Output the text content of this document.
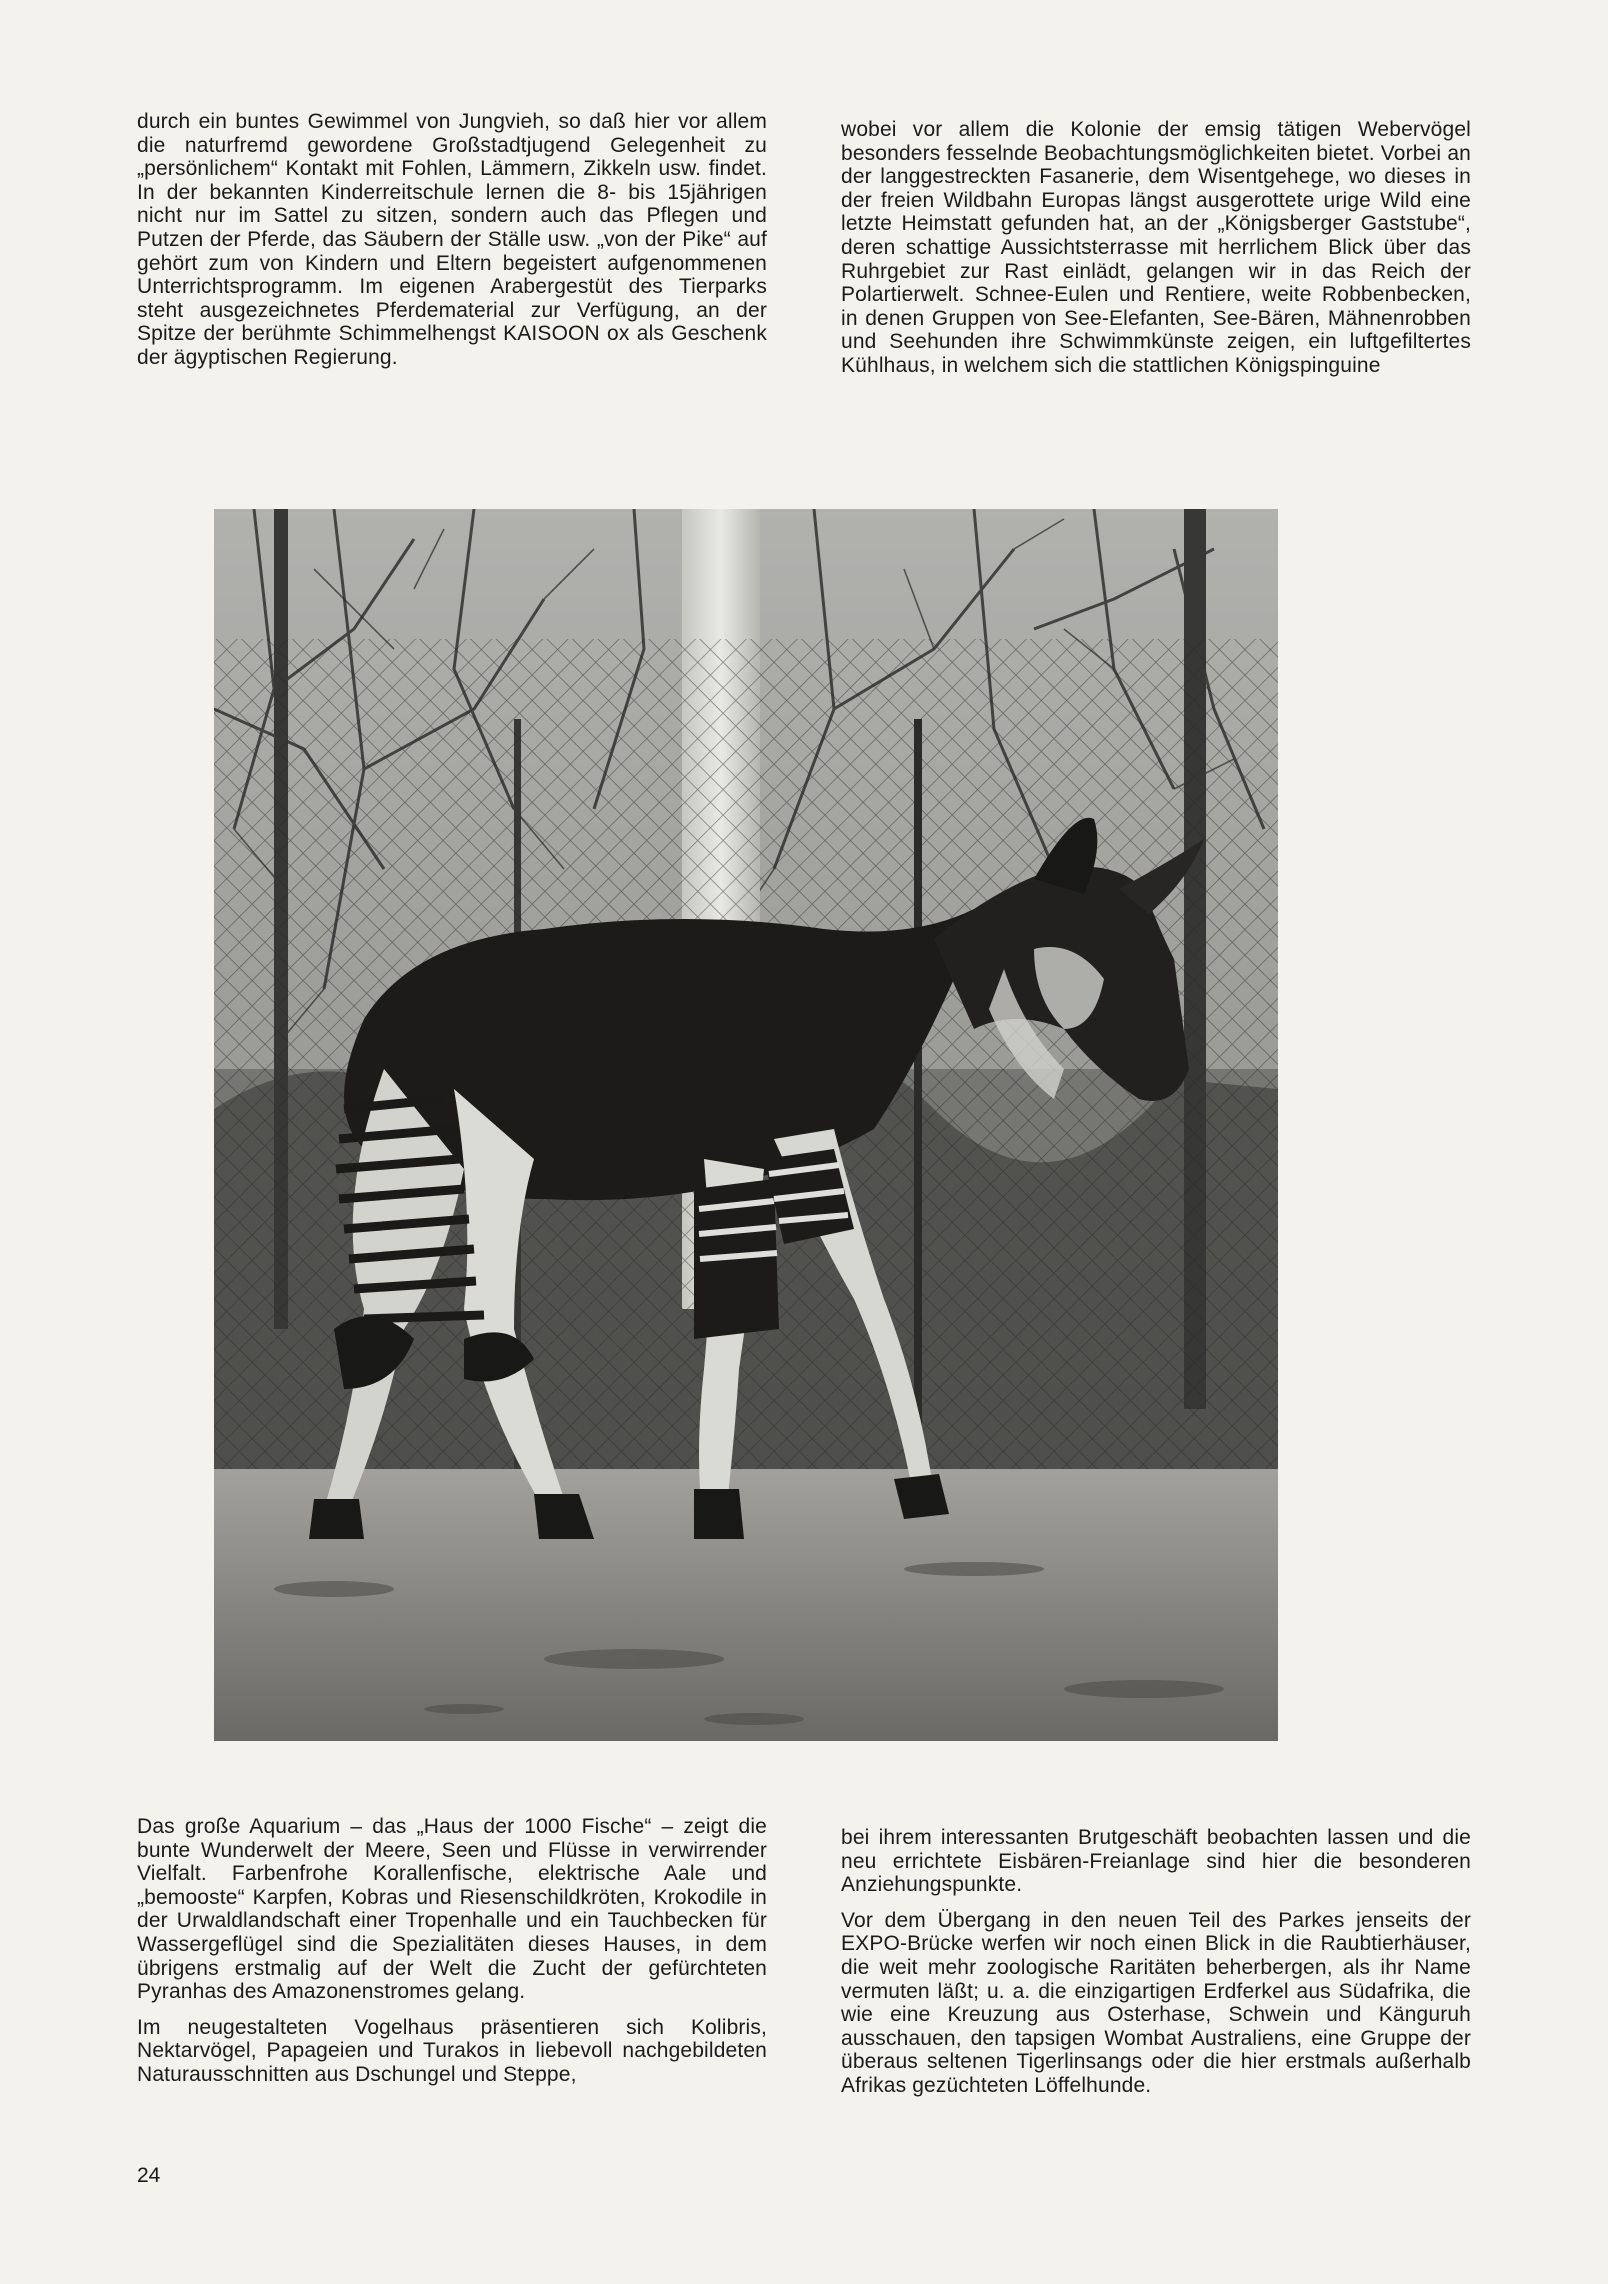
durch ein buntes Gewimmel von Jungvieh, so daß hier vor allem die naturfremd gewordene Großstadtjugend Gelegenheit zu „persönlichem“ Kontakt mit Fohlen, Lämmern, Zikkeln usw. findet. In der bekannten Kinderreitschule lernen die 8- bis 15jährigen nicht nur im Sattel zu sitzen, sondern auch das Pflegen und Putzen der Pferde, das Säubern der Ställe usw. „von der Pike“ auf gehört zum von Kindern und Eltern begeistert aufgenommenen Unterrichtsprogramm. Im eigenen Arabergestüt des Tierparks steht ausgezeichnetes Pferdematerial zur Verfügung, an der Spitze der berühmte Schimmelhengst KAISOON ox als Geschenk der ägyptischen Regierung.

wobei vor allem die Kolonie der emsig tätigen Webervögel besonders fesselnde Beobachtungsmöglichkeiten bietet. Vorbei an der langgestreckten Fasanerie, dem Wisentgehege, wo dieses in der freien Wildbahn Europas längst ausgerottete urige Wild eine letzte Heimstatt gefunden hat, an der „Königsberger Gaststube“, deren schattige Aussichtsterrasse mit herrlichem Blick über das Ruhrgebiet zur Rast einlädt, gelangen wir in das Reich der Polartierwelt. Schnee-Eulen und Rentiere, weite Robbenbecken, in denen Gruppen von See-Elefanten, See-Bären, Mähnenrobben und Seehunden ihre Schwimmkünste zeigen, ein luftgefiltertes Kühlhaus, in welchem sich die stattlichen Königspinguine

Das große Aquarium – das „Haus der 1000 Fische“ – zeigt die bunte Wunderwelt der Meere, Seen und Flüsse in verwirrender Vielfalt. Farbenfrohe Korallenfische, elektrische Aale und „bemooste“ Karpfen, Kobras und Riesenschildkröten, Krokodile in der Urwaldlandschaft einer Tropenhalle und ein Tauchbecken für Wassergeflügel sind die Spezialitäten dieses Hauses, in dem übrigens erstmalig auf der Welt die Zucht der gefürchteten Pyranhas des Amazonenstromes gelang.

Im neugestalteten Vogelhaus präsentieren sich Kolibris, Nektarvögel, Papageien und Turakos in liebevoll nachgebildeten Naturausschnitten aus Dschungel und Steppe,

bei ihrem interessanten Brutgeschäft beobachten lassen und die neu errichtete Eisbären-Freianlage sind hier die besonderen Anziehungspunkte.

Vor dem Übergang in den neuen Teil des Parkes jenseits der EXPO-Brücke werfen wir noch einen Blick in die Raubtierhäuser, die weit mehr zoologische Raritäten beherbergen, als ihr Name vermuten läßt; u. a. die einzigartigen Erdferkel aus Südafrika, die wie eine Kreuzung aus Osterhase, Schwein und Känguruh ausschauen, den tapsigen Wombat Australiens, eine Gruppe der überaus seltenen Tigerlinsangs oder die hier erstmals außerhalb Afrikas gezüchteten Löffelhunde.

24
